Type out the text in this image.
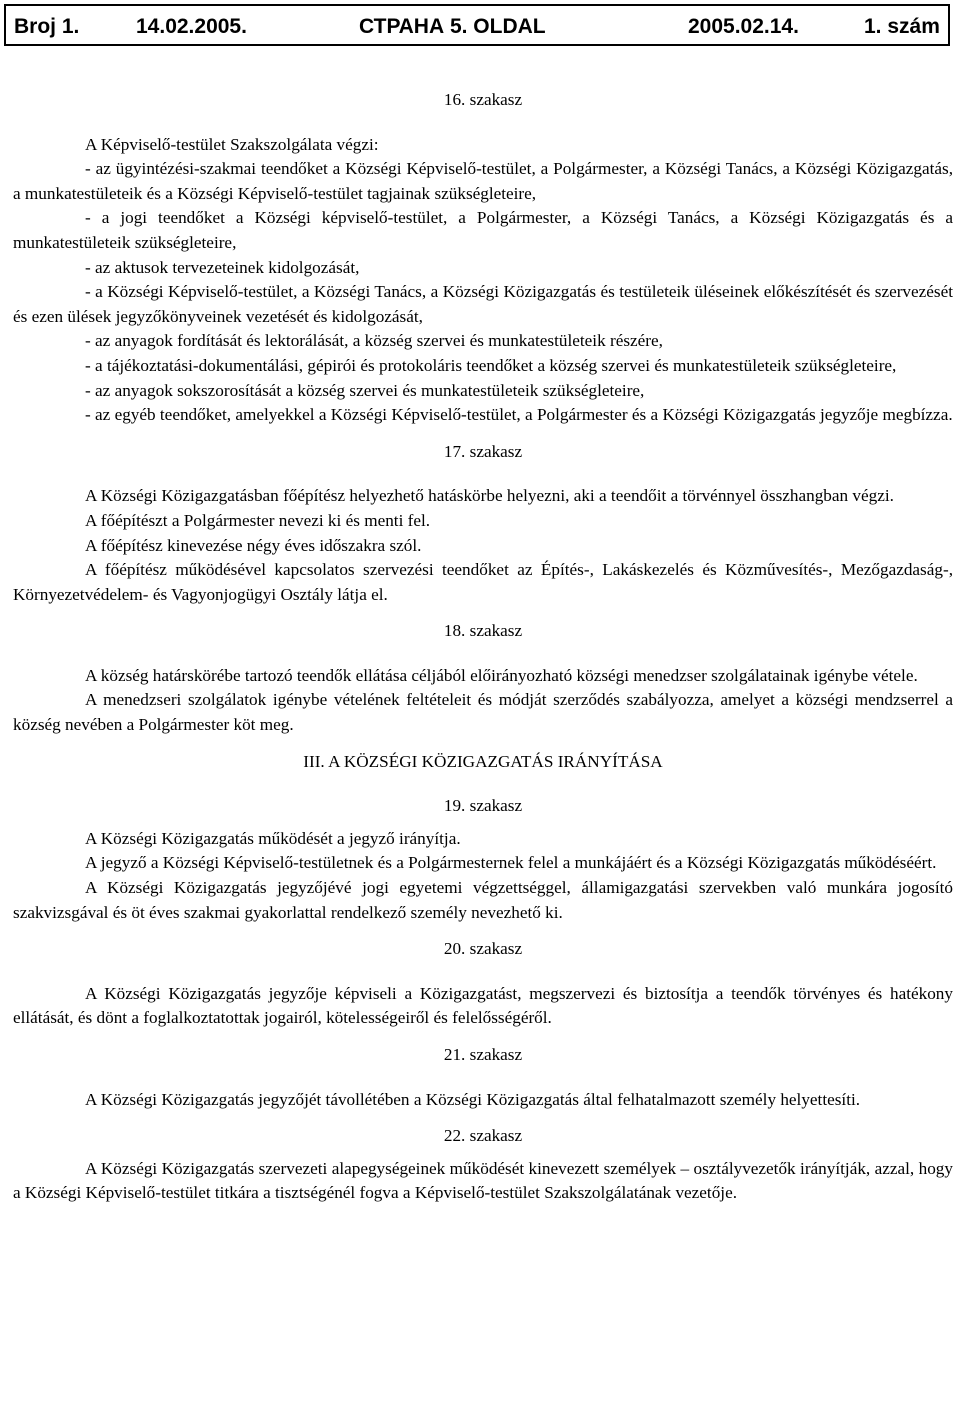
Broj 1.	14.02.2005.	СТРАНА 5. OLDAL	2005.02.14.	1. szám

16. szakasz

A Képviselő-testület Szakszolgálata végzi:

- az ügyintézési-szakmai teendőket a Községi Képviselő-testület, a Polgármester, a Községi Tanács, a Községi Közigazgatás, a munkatestületeik és a Községi Képviselő-testület tagjainak szükségleteire,

- a jogi teendőket a Községi képviselő-testület, a Polgármester, a Községi Tanács, a Községi Közigazgatás és a munkatestületeik szükségleteire,

- az aktusok tervezeteinek kidolgozását,

- a Községi Képviselő-testület, a Községi Tanács, a Községi Közigazgatás és testületeik üléseinek előkészítését és szervezését és ezen ülések jegyzőkönyveinek vezetését és kidolgozását,

- az anyagok fordítását és lektorálását, a község szervei és munkatestületeik részére,

- a tájékoztatási-dokumentálási, gépirói és protokoláris teendőket a község szervei és munkatestületeik szükségleteire,

- az anyagok sokszorosítását a község szervei és munkatestületeik szükségleteire,

- az egyéb teendőket, amelyekkel a Községi Képviselő-testület, a Polgármester és a Községi Közigazgatás jegyzője megbízza.

17. szakasz

A Községi Közigazgatásban főépítész helyezhető hatáskörbe helyezni, aki a teendőit a törvénnyel összhangban végzi.

A főépítészt a Polgármester nevezi ki és menti fel.

A főépítész kinevezése négy éves időszakra szól.

A főépítész működésével kapcsolatos szervezési teendőket az Építés-, Lakáskezelés és Közművesítés-, Mezőgazdaság-, Környezetvédelem- és Vagyonjogügyi Osztály látja el.

18. szakasz

A község határskörébe tartozó teendők ellátása céljából előirányozható községi menedzser szolgálatainak igénybe vétele.

A menedzseri szolgálatok igénybe vételének feltételeit és módját szerződés szabályozza, amelyet a községi mendzserrel a község nevében a Polgármester köt meg.

III. A KÖZSÉGI KÖZIGAZGATÁS IRÁNYÍTÁSA

19. szakasz

A Községi Közigazgatás működését a jegyző irányítja.

A jegyző a Községi Képviselő-testületnek és a Polgármesternek felel a munkájáért és a Községi Közigazgatás működéséért.

A Községi Közigazgatás jegyzőjévé jogi egyetemi végzettséggel, államigazgatási szervekben való munkára jogosító szakvizsgával és öt éves szakmai gyakorlattal rendelkező személy nevezhető ki.

20. szakasz

A Községi Közigazgatás jegyzője képviseli a Közigazgatást, megszervezi és biztosítja a teendők törvényes és hatékony ellátását, és dönt a foglalkoztatottak jogairól, kötelességeiről és felelősségéről.

21. szakasz

A Községi Közigazgatás jegyzőjét távollétében a Községi Közigazgatás által felhatalmazott személy helyettesíti.

22. szakasz

A Községi Közigazgatás szervezeti alapegységeinek működését kinevezett személyek – osztályvezetők irányítják, azzal, hogy a Községi Képviselő-testület titkára a tisztségénél fogva a Képviselő-testület Szakszolgálatának vezetője.
